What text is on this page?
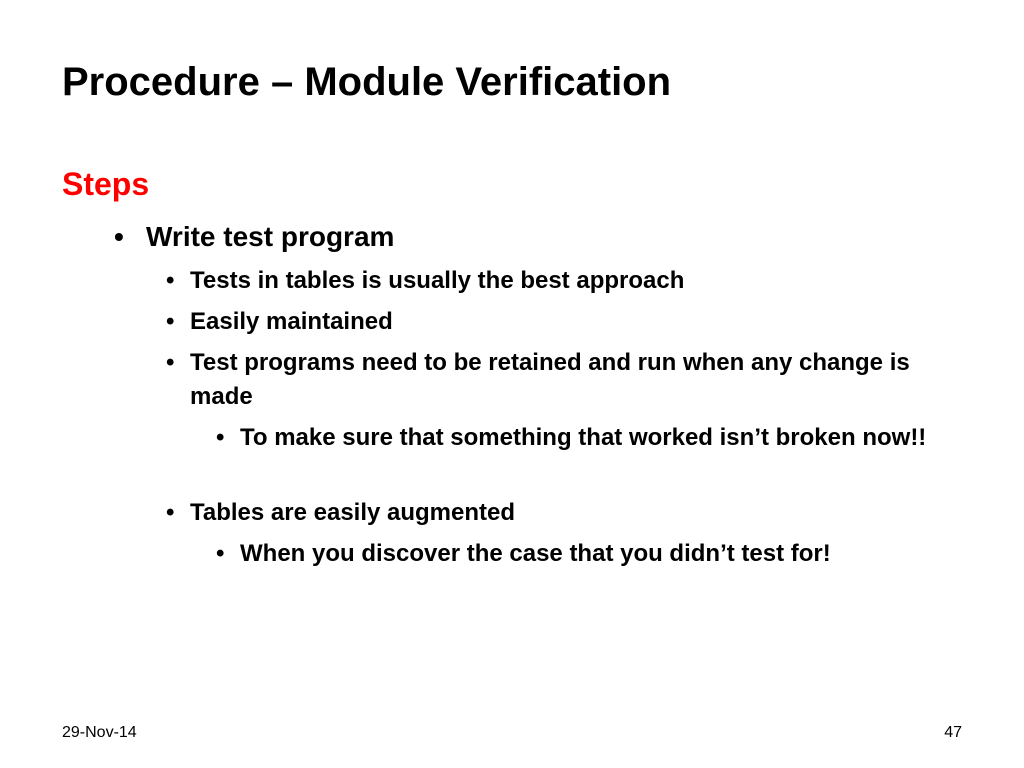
Procedure – Module Verification
Steps
• Write test program
• Tests in tables is usually the best approach
• Easily maintained
• Test programs need to be retained and run when any change is made
• To make sure that something that worked isn’t broken now!!
• Tables are easily augmented
• When you discover the case that you didn’t test for!
29-Nov-14	47
